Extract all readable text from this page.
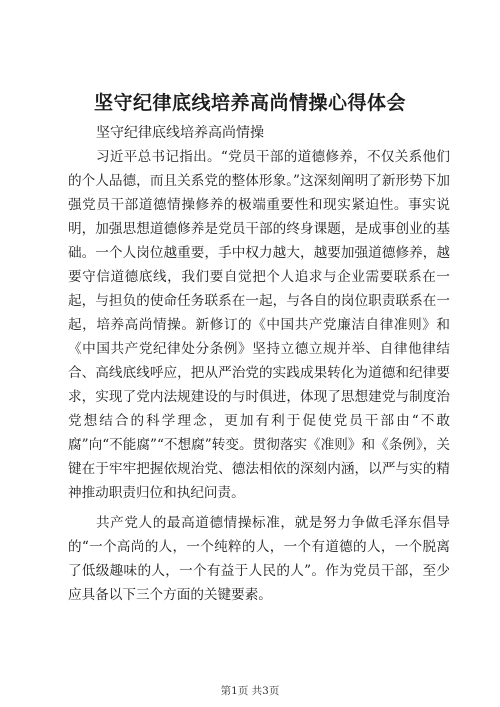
坚守纪律底线培养高尚情操心得体会

坚守纪律底线培养高尚情操

习近平总书记指出。“党员干部的道德修养，不仅关系他们的个人品德，而且关系党的整体形象。”这深刻阐明了新形势下加强党员干部道德情操修养的极端重要性和现实紧迫性。事实说明，加强思想道德修养是党员干部的终身课题，是成事创业的基础。一个人岗位越重要，手中权力越大，越要加强道德修养，越要守信道德底线，我们要自觉把个人追求与企业需要联系在一起，与担负的使命任务联系在一起，与各自的岗位职责联系在一起，培养高尚情操。新修订的《中国共产党廉洁自律准则》和《中国共产党纪律处分条例》坚持立德立规并举、自律他律结合、高线底线呼应，把从严治党的实践成果转化为道德和纪律要求，实现了党内法规建设的与时俱进，体现了思想建党与制度治党想结合的科学理念，更加有利于促使党员干部由“不敢腐”向“不能腐”“不想腐”转变。贯彻落实《准则》和《条例》，关键在于牢牢把握依规治党、德法相依的深刻内涵，以严与实的精神推动职责归位和执纪问责。

共产党人的最高道德情操标准，就是努力争做毛泽东倡导的“一个高尚的人，一个纯粹的人，一个有道德的人，一个脱离了低级趣味的人，一个有益于人民的人”。作为党员干部，至少应具备以下三个方面的关键要素。

第1页 共3页
